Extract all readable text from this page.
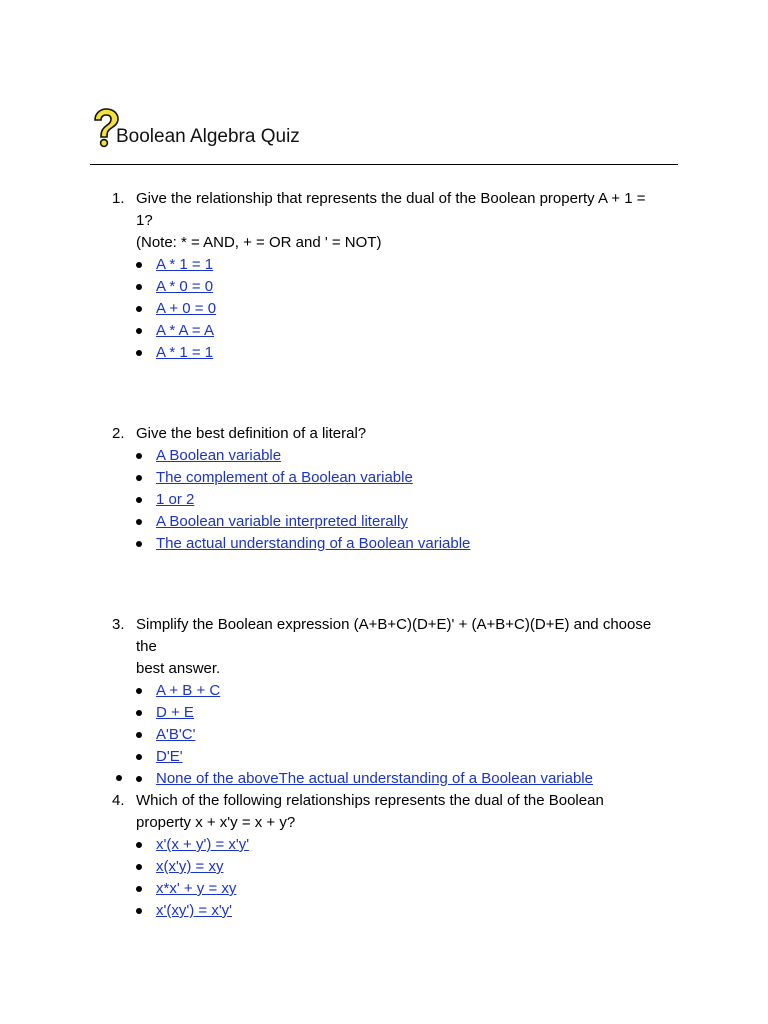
Boolean Algebra Quiz
1. Give the relationship that represents the dual of the Boolean property A + 1 =
1?
(Note: * = AND, + = OR and ' = NOT)
A * 1 = 1
A * 0 = 0
A + 0 = 0
A * A = A
A * 1 = 1
2. Give the best definition of a literal?
A Boolean variable
The complement of a Boolean variable
1 or 2
A Boolean variable interpreted literally
The actual understanding of a Boolean variable
3. Simplify the Boolean expression (A+B+C)(D+E)' + (A+B+C)(D+E) and choose the
best answer.
A + B + C
D + E
A'B'C'
D'E'
None of the aboveThe actual understanding of a Boolean variable
4. Which of the following relationships represents the dual of the Boolean
property x + x'y = x + y?
x'(x + y') = x'y'
x(x'y) = xy
x*x' + y = xy
x'(xy') = x'y'
